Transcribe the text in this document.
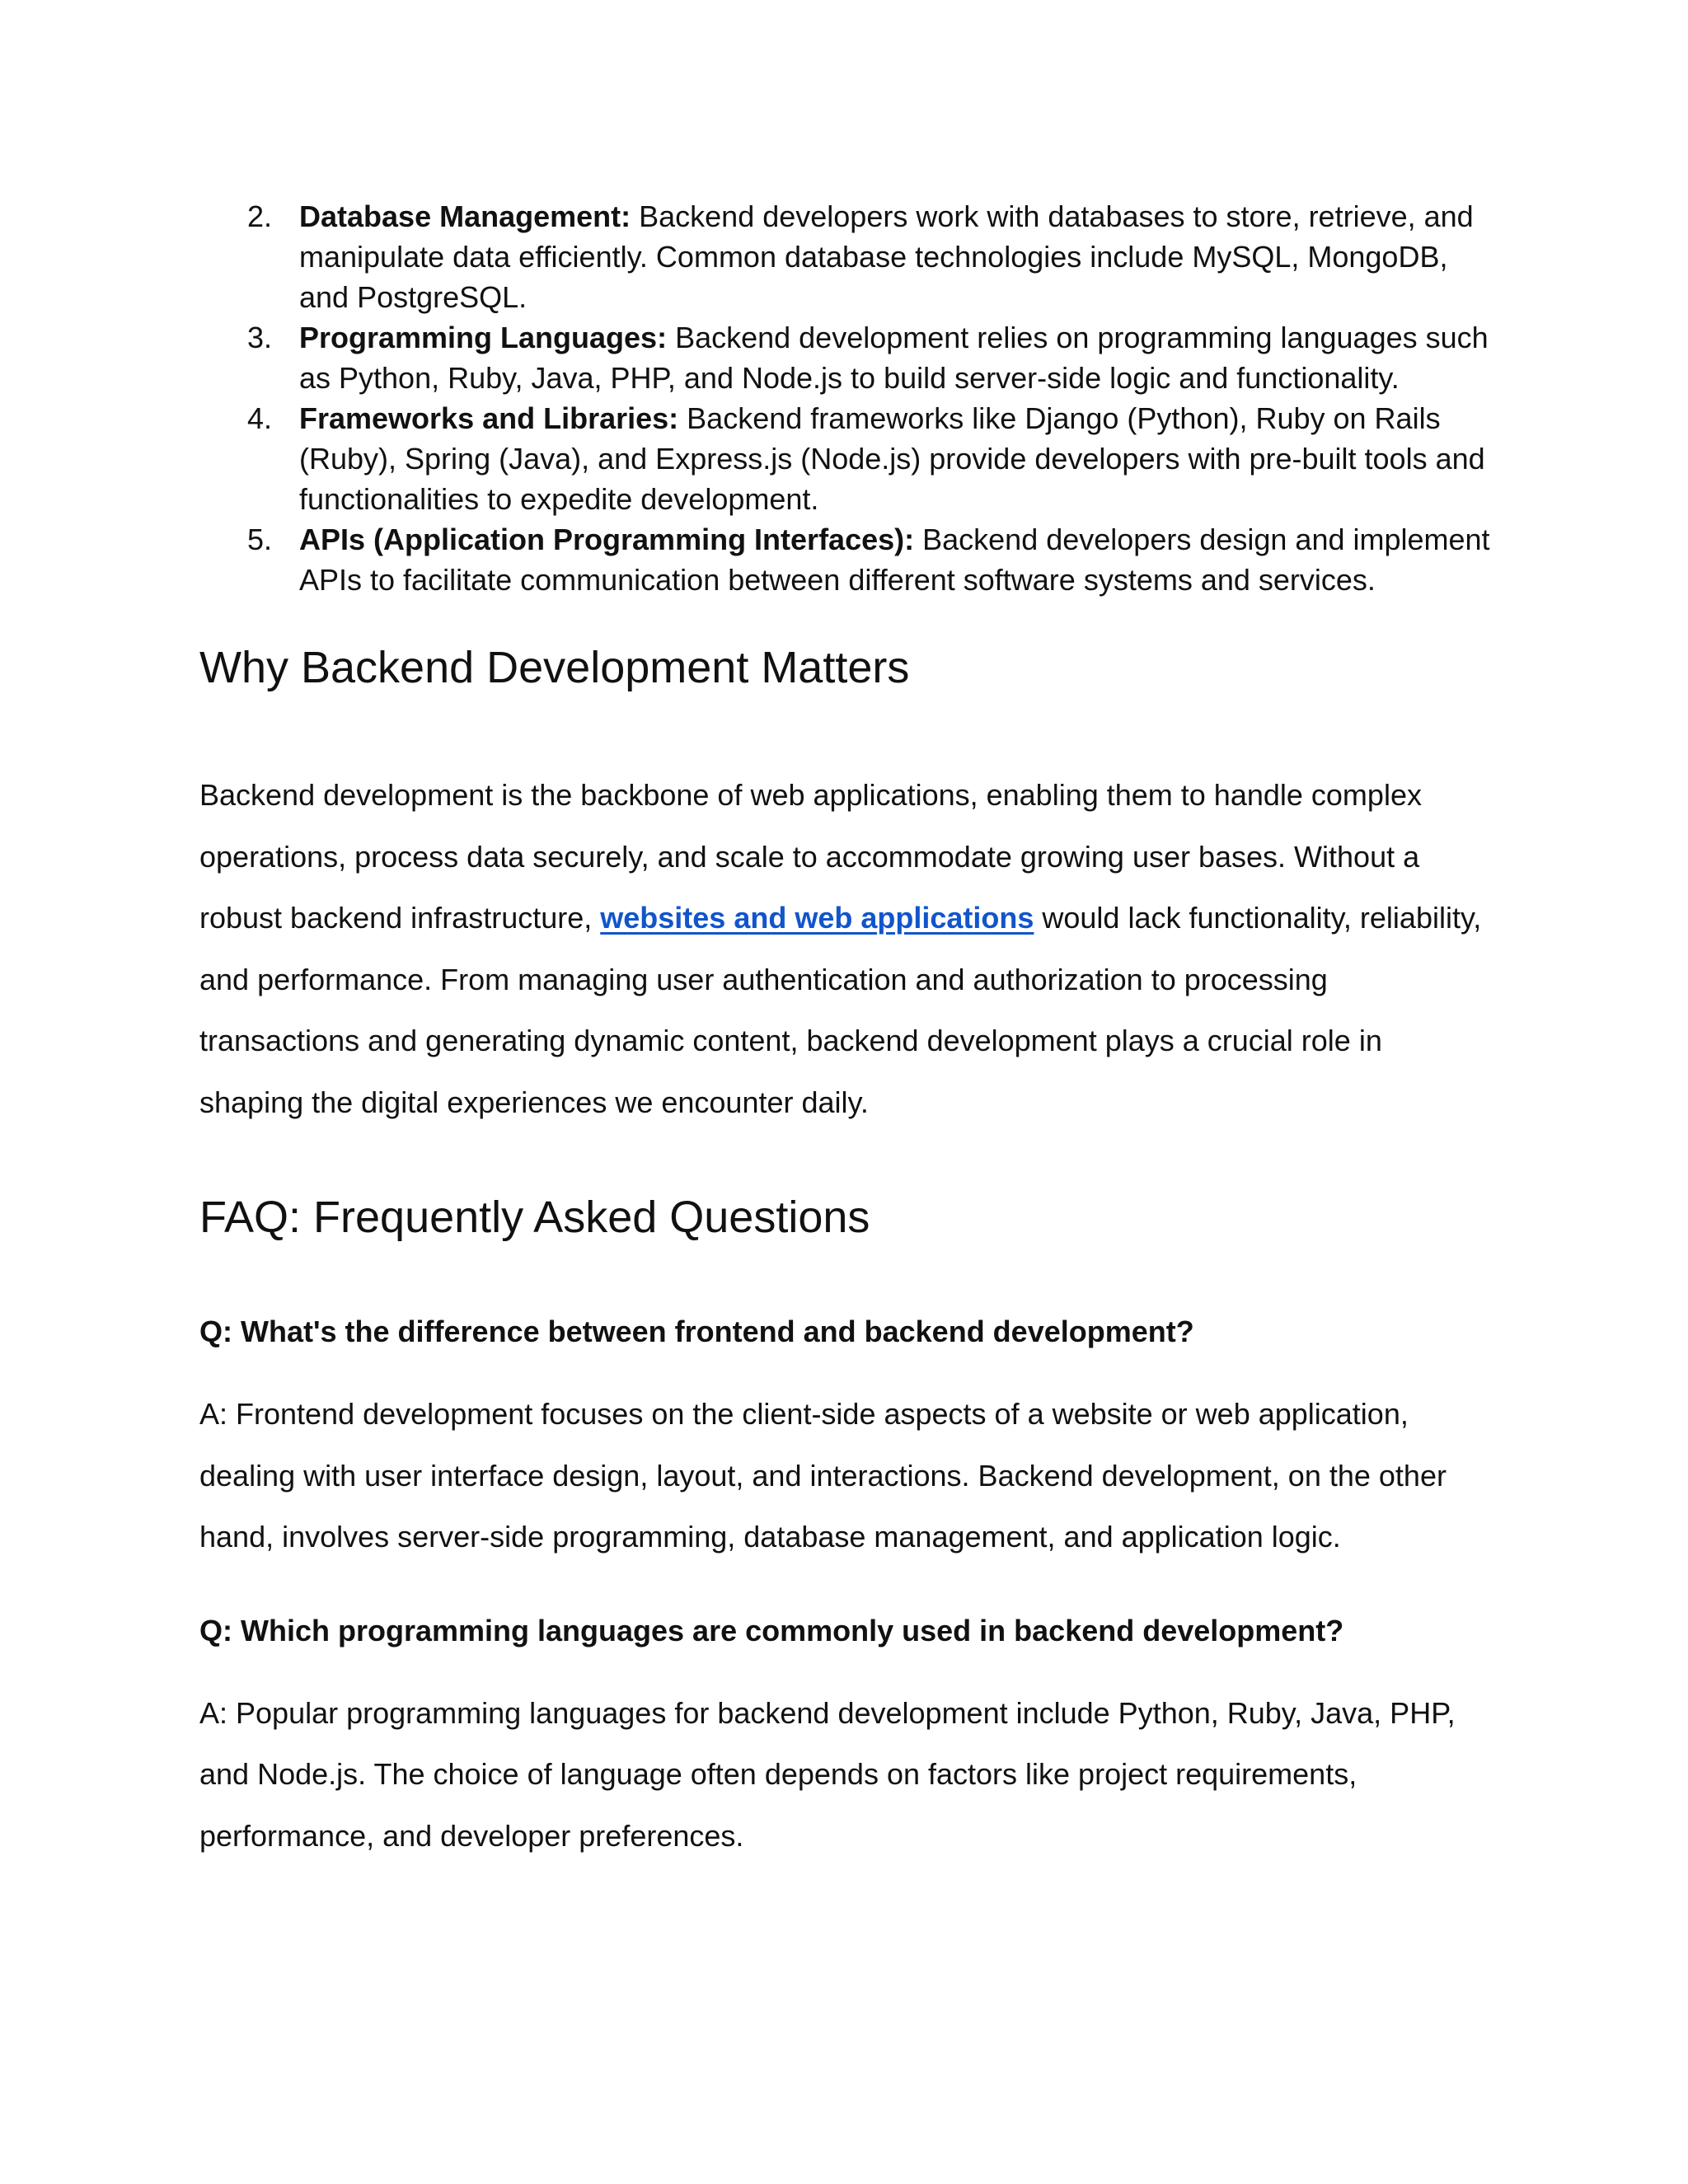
2. Database Management: Backend developers work with databases to store, retrieve, and manipulate data efficiently. Common database technologies include MySQL, MongoDB, and PostgreSQL.
3. Programming Languages: Backend development relies on programming languages such as Python, Ruby, Java, PHP, and Node.js to build server-side logic and functionality.
4. Frameworks and Libraries: Backend frameworks like Django (Python), Ruby on Rails (Ruby), Spring (Java), and Express.js (Node.js) provide developers with pre-built tools and functionalities to expedite development.
5. APIs (Application Programming Interfaces): Backend developers design and implement APIs to facilitate communication between different software systems and services.
Why Backend Development Matters

Backend development is the backbone of web applications, enabling them to handle complex operations, process data securely, and scale to accommodate growing user bases. Without a robust backend infrastructure, websites and web applications would lack functionality, reliability, and performance. From managing user authentication and authorization to processing transactions and generating dynamic content, backend development plays a crucial role in shaping the digital experiences we encounter daily.

FAQ: Frequently Asked Questions

Q: What's the difference between frontend and backend development?

A: Frontend development focuses on the client-side aspects of a website or web application, dealing with user interface design, layout, and interactions. Backend development, on the other hand, involves server-side programming, database management, and application logic.

Q: Which programming languages are commonly used in backend development?

A: Popular programming languages for backend development include Python, Ruby, Java, PHP, and Node.js. The choice of language often depends on factors like project requirements, performance, and developer preferences.
